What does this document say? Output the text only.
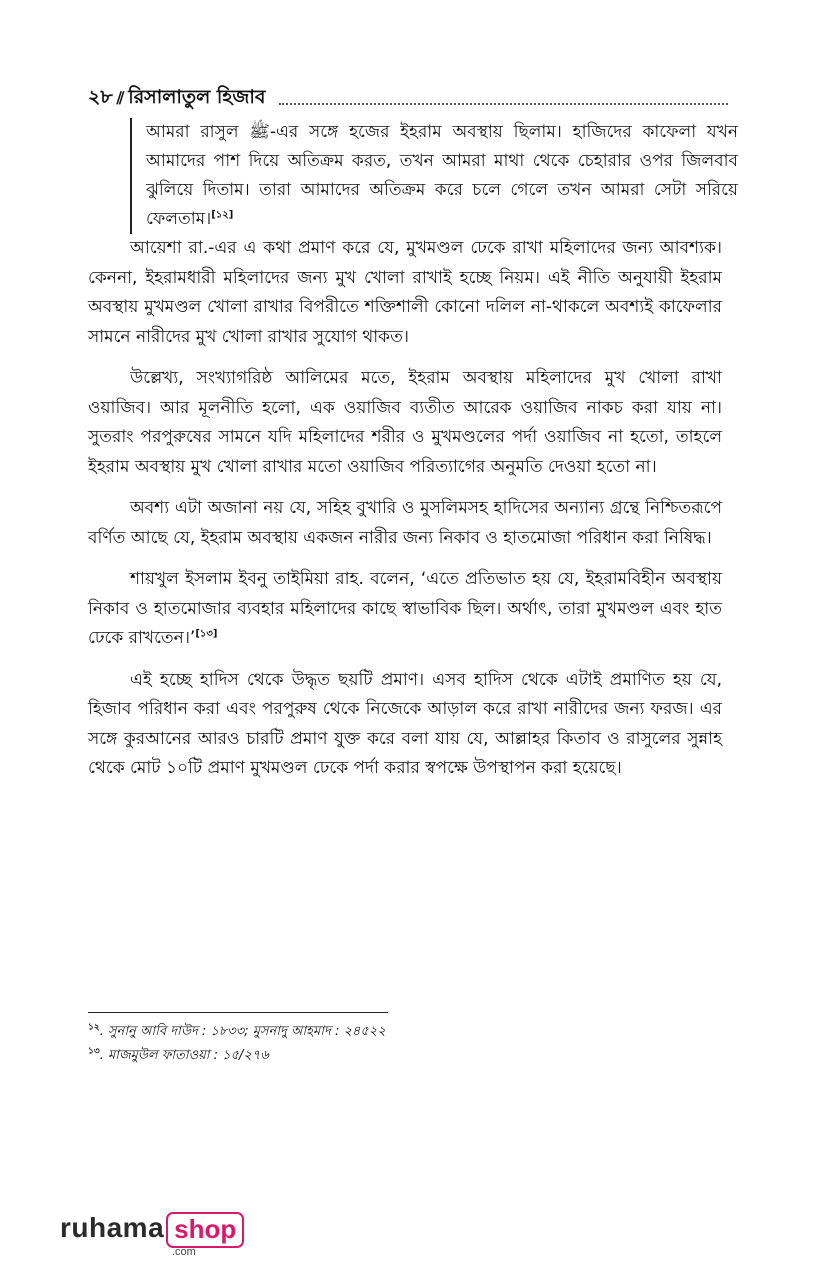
২৮ ⫽ রিসালাতুল হিজাব
আমরা রাসুল ﷺ-এর সঙ্গে হজের ইহরাম অবস্থায় ছিলাম। হাজিদের কাফেলা যখন আমাদের পাশ দিয়ে অতিক্রম করত, তখন আমরা মাথা থেকে চেহারার ওপর জিলবাব ঝুলিয়ে দিতাম। তারা আমাদের অতিক্রম করে চলে গেলে তখন আমরা সেটা সরিয়ে ফেলতাম।[১২]

আয়েশা রা.-এর এ কথা প্রমাণ করে যে, মুখমণ্ডল ঢেকে রাখা মহিলাদের জন্য আবশ্যক। কেননা, ইহরামধারী মহিলাদের জন্য মুখ খোলা রাখাই হচ্ছে নিয়ম। এই নীতি অনুযায়ী ইহরাম অবস্থায় মুখমণ্ডল খোলা রাখার বিপরীতে শক্তিশালী কোনো দলিল না-থাকলে অবশ্যই কাফেলার সামনে নারীদের মুখ খোলা রাখার সুযোগ থাকত।

উল্লেখ্য, সংখ্যাগরিষ্ঠ আলিমের মতে, ইহরাম অবস্থায় মহিলাদের মুখ খোলা রাখা ওয়াজিব। আর মূলনীতি হলো, এক ওয়াজিব ব্যতীত আরেক ওয়াজিব নাকচ করা যায় না। সুতরাং পরপুরুষের সামনে যদি মহিলাদের শরীর ও মুখমণ্ডলের পর্দা ওয়াজিব না হতো, তাহলে ইহরাম অবস্থায় মুখ খোলা রাখার মতো ওয়াজিব পরিত্যাগের অনুমতি দেওয়া হতো না।

অবশ্য এটা অজানা নয় যে, সহিহ বুখারি ও মুসলিমসহ হাদিসের অন্যান্য গ্রন্থে নিশ্চিতরূপে বর্ণিত আছে যে, ইহরাম অবস্থায় একজন নারীর জন্য নিকাব ও হাতমোজা পরিধান করা নিষিদ্ধ।

শায়খুল ইসলাম ইবনু তাইমিয়া রাহ. বলেন, ‘এতে প্রতিভাত হয় যে, ইহরামবিহীন অবস্থায় নিকাব ও হাতমোজার ব্যবহার মহিলাদের কাছে স্বাভাবিক ছিল। অর্থাৎ, তারা মুখমণ্ডল এবং হাত ঢেকে রাখতেন।’[১৩]

এই হচ্ছে হাদিস থেকে উদ্ধৃত ছয়টি প্রমাণ। এসব হাদিস থেকে এটাই প্রমাণিত হয় যে, হিজাব পরিধান করা এবং পরপুরুষ থেকে নিজেকে আড়াল করে রাখা নারীদের জন্য ফরজ। এর সঙ্গে কুরআনের আরও চারটি প্রমাণ যুক্ত করে বলা যায় যে, আল্লাহর কিতাব ও রাসুলের সুন্নাহ থেকে মোট ১০টি প্রমাণ মুখমণ্ডল ঢেকে পর্দা করার স্বপক্ষে উপস্থাপন করা হয়েছে।

$^{১২}$. সুনানু আবি দাউদ : ১৮৩৩; মুসনাদু আহমাদ : ২৪৫২২
$^{১৩}$. মাজমুউল ফাতাওয়া : ১৫/২৭৬
ruhama shop
.com
